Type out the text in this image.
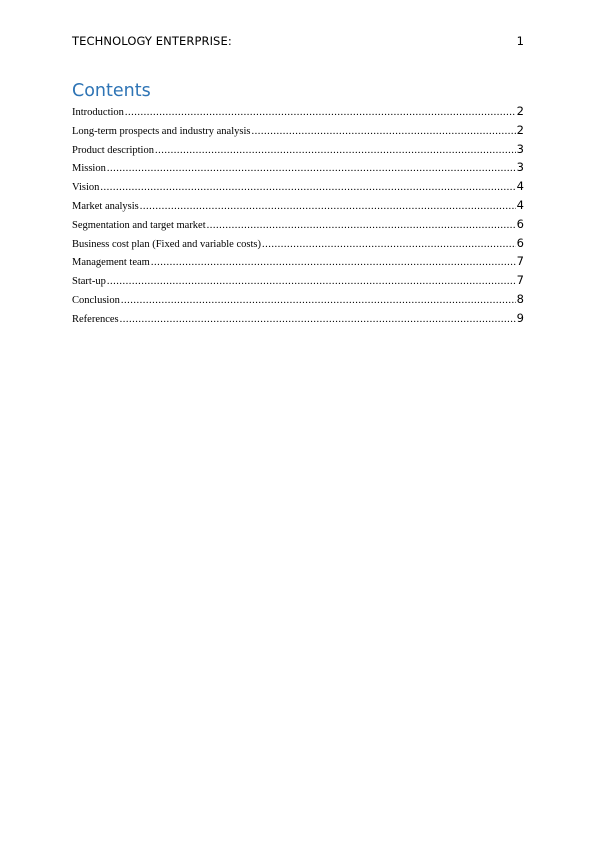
TECHNOLOGY ENTERPRISE:	1
Contents
Introduction .....	2
Long-term prospects and industry analysis .....	2
Product description .....	3
Mission .....	3
Vision .....	4
Market analysis .....	4
Segmentation and target market .....	6
Business cost plan (Fixed and variable costs) .....	6
Management team .....	7
Start-up .....	7
Conclusion .....	8
References .....	9
